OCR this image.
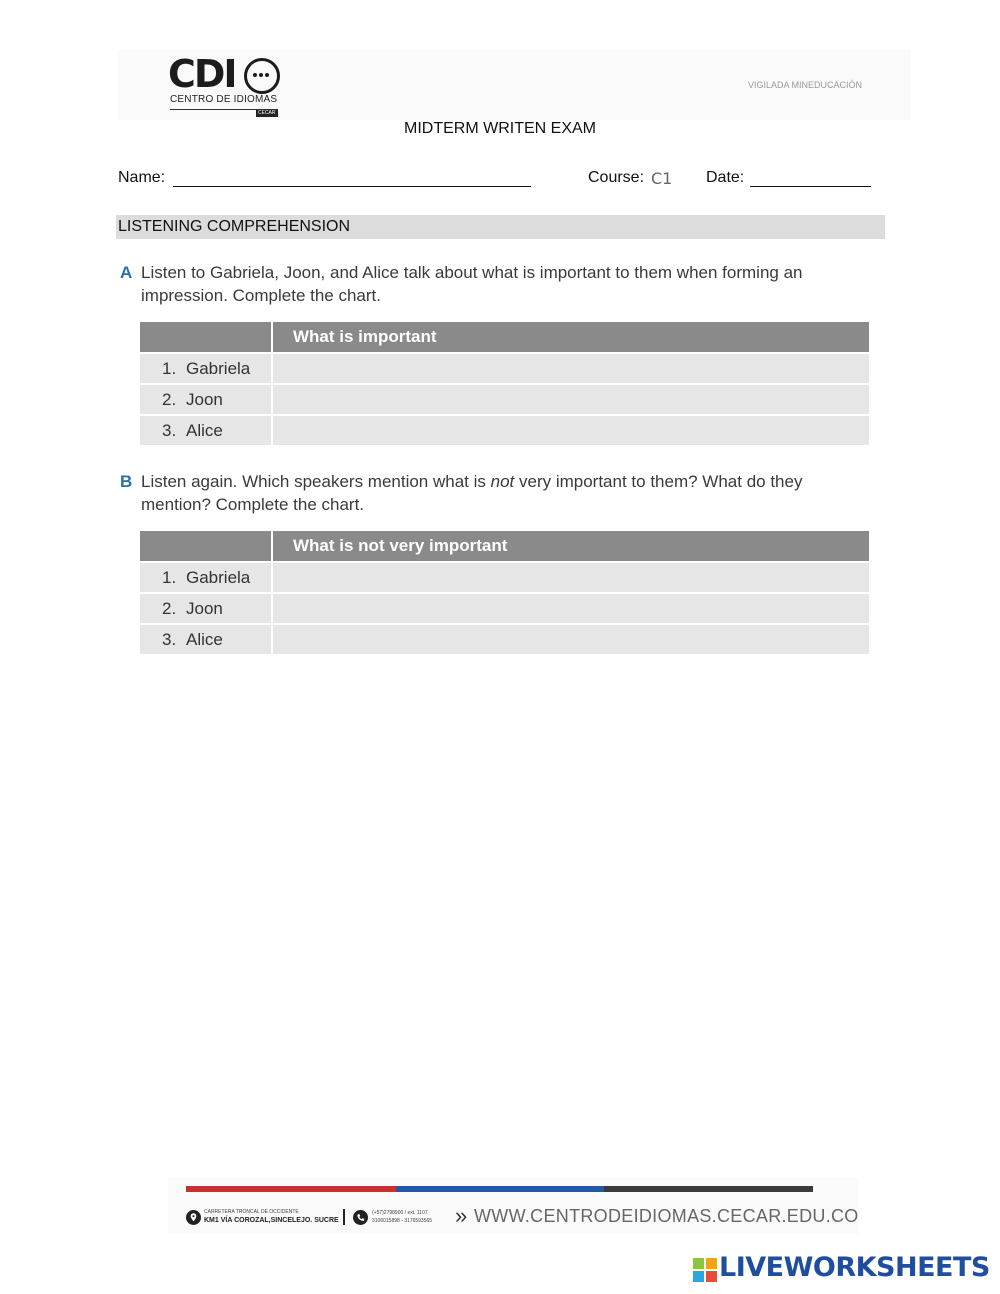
CDI
CENTRO DE IDIOMAS
CECAR
VIGILADA MINEDUCACIÓN
MIDTERM WRITEN EXAM
Name:	Course: C1 Date:
LISTENING COMPREHENSION
A Listen to Gabriela, Joon, and Alice talk about what is important to them when forming an impression. Complete the chart.
	What is important
1. Gabriela	
2. Joon	
3. Alice	
B Listen again. Which speakers mention what is not very important to them? What do they mention? Complete the chart.
	What is not very important
1. Gabriela	
2. Joon	
3. Alice	
CARRETERA TRONCAL DE OCCIDENTE
KM1 VÍA COROZAL,SINCELEJO. SUCRE
(+57)2798900 / ext. 1107
3106015898 - 3176593565	» WWW.CENTRODEIDIOMAS.CECAR.EDU.CO
LIVEWORKSHEETS
